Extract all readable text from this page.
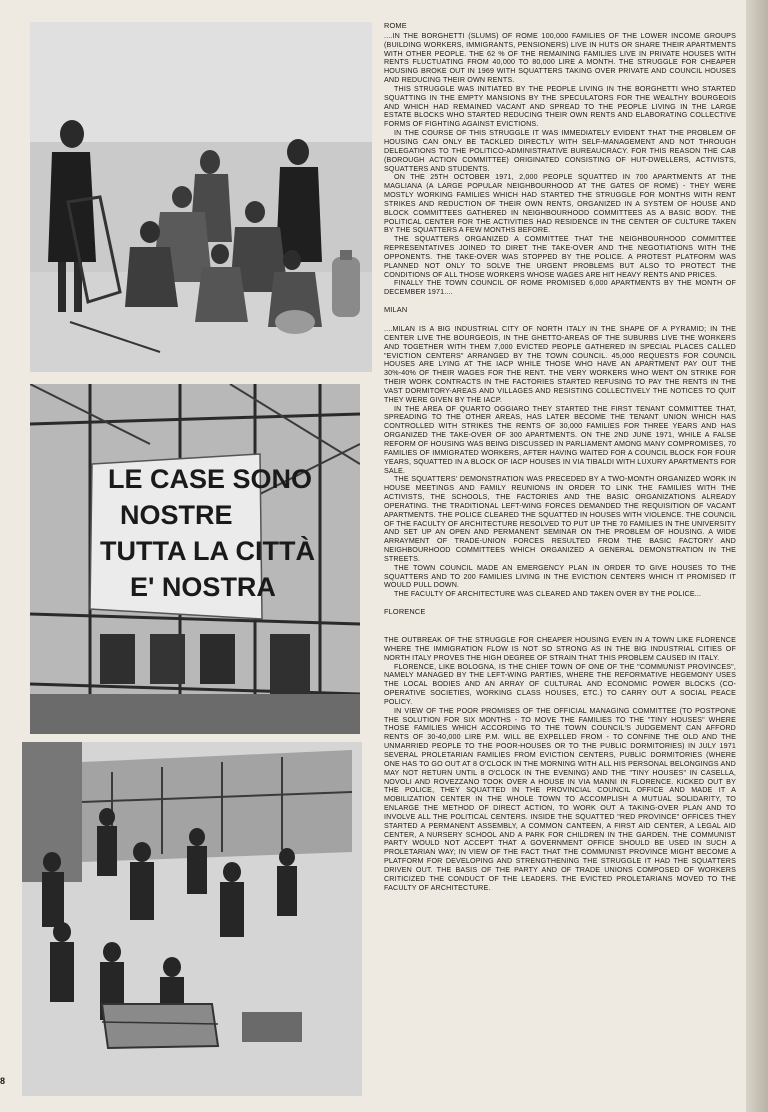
LE CASE SONO
NOSTRE
TUTTA LA CITTÀ
E' NOSTRA
ROME

....IN THE BORGHETTI (SLUMS) OF ROME 100,000 FAMILIES OF THE LOWER INCOME GROUPS (BUILDING WORKERS, IMMIGRANTS, PENSIONERS) LIVE IN HUTS OR SHARE THEIR APARTMENTS WITH OTHER PEOPLE. THE 62 % OF THE REMAINING FAMILIES LIVE IN PRIVATE HOUSES WITH RENTS FLUCTUATING FROM 40,000 TO 80,000 LIRE A MONTH. THE STRUGGLE FOR CHEAPER HOUSING BROKE OUT IN 1969 WITH SQUATTERS TAKING OVER PRIVATE AND COUNCIL HOUSES AND REDUCING THEIR OWN RENTS.

THIS STRUGGLE WAS INITIATED BY THE PEOPLE LIVING IN THE BORGHETTI WHO STARTED SQUATTING IN THE EMPTY MANSIONS BY THE SPECULATORS FOR THE WEALTHY BOURGEOIS AND WHICH HAD REMAINED VACANT AND SPREAD TO THE PEOPLE LIVING IN THE LARGE ESTATE BLOCKS WHO STARTED REDUCING THEIR OWN RENTS AND ELABORATING COLLECTIVE FORMS OF FIGHTING AGAINST EVICTIONS.

IN THE COURSE OF THIS STRUGGLE IT WAS IMMEDIATELY EVIDENT THAT THE PROBLEM OF HOUSING CAN ONLY BE TACKLED DIRECTLY WITH SELF-MANAGEMENT AND NOT THROUGH DELEGATIONS TO THE POLITICO-ADMINISTRATIVE BUREAUCRACY. FOR THIS REASON THE CAB (BOROUGH ACTION COMMITTEE) ORIGINATED CONSISTING OF HUT-DWELLERS, ACTIVISTS, SQUATTERS AND STUDENTS.

ON THE 25TH OCTOBER 1971, 2,000 PEOPLE SQUATTED IN 700 APARTMENTS AT THE MAGLIANA (A LARGE POPULAR NEIGHBOURHOOD AT THE GATES OF ROME) - THEY WERE MOSTLY WORKING FAMILIES WHICH HAD STARTED THE STRUGGLE FOR MONTHS WITH RENT STRIKES AND REDUCTION OF THEIR OWN RENTS, ORGANIZED IN A SYSTEM OF HOUSE AND BLOCK COMMITTEES GATHERED IN NEIGHBOURHOOD COMMITTEES AS A BASIC BODY. THE POLITICAL CENTER FOR THE ACTIVITIES HAD RESIDENCE IN THE CENTER OF CULTURE TAKEN BY THE SQUATTERS A FEW MONTHS BEFORE.

THE SQUATTERS ORGANIZED A COMMITTEE THAT THE NEIGHBOURHOOD COMMITTEE REPRESENTATIVES JOINED TO DIRET THE TAKE-OVER AND THE NEGOTIATIONS WITH THE OPPONENTS. THE TAKE-OVER WAS STOPPED BY THE POLICE. A PROTEST PLATFORM WAS PLANNED NOT ONLY TO SOLVE THE URGENT PROBLEMS BUT ALSO TO PROTECT THE CONDITIONS OF ALL THOSE WORKERS WHOSE WAGES ARE HIT HEAVY RENTS AND PRICES.

FINALLY THE TOWN COUNCIL OF ROME PROMISED 6,000 APARTMENTS BY THE MONTH OF DECEMBER 1971....

MILAN

....MILAN IS A BIG INDUSTRIAL CITY OF NORTH ITALY IN THE SHAPE OF A PYRAMID; IN THE CENTER LIVE THE BOURGEOIS, IN THE GHETTO-AREAS OF THE SUBURBS LIVE THE WORKERS AND TOGETHER WITH THEM 7,000 EVICTED PEOPLE GATHERED IN SPECIAL PLACES CALLED "EVICTION CENTERS" ARRANGED BY THE TOWN COUNCIL. 45,000 REQUESTS FOR COUNCIL HOUSES ARE LYING AT THE IACP WHILE THOSE WHO HAVE AN APARTMENT PAY OUT THE 30%-40% OF THEIR WAGES FOR THE RENT. THE VERY WORKERS WHO WENT ON STRIKE FOR THEIR WORK CONTRACTS IN THE FACTORIES STARTED REFUSING TO PAY THE RENTS IN THE VAST DORMITORY-AREAS AND VILLAGES AND RESISTING COLLECTIVELY THE NOTICES TO QUIT THEY WERE GIVEN BY THE IACP.

IN THE AREA OF QUARTO OGGIARO THEY STARTED THE FIRST TENANT COMMITTEE THAT, SPREADING TO THE OTHER AREAS, HAS LATER BECOME THE TENANT UNION WHICH HAS CONTROLLED WITH STRIKES THE RENTS OF 30,000 FAMILIES FOR THREE YEARS AND HAS ORGANIZED THE TAKE-OVER OF 300 APARTMENTS. ON THE 2ND JUNE 1971, WHILE A FALSE REFORM OF HOUSING WAS BEING DISCUSSED IN PARLIAMENT AMONG MANY COMPROMISES, 70 FAMILIES OF IMMIGRATED WORKERS, AFTER HAVING WAITED FOR A COUNCIL BLOCK FOR FOUR YEARS, SQUATTED IN A BLOCK OF IACP HOUSES IN VIA TIBALDI WITH LUXURY APARTMENTS FOR SALE.

THE SQUATTERS' DEMONSTRATION WAS PRECEDED BY A TWO-MONTH ORGANIZED WORK IN HOUSE MEETINGS AND FAMILY REUNIONS IN ORDER TO LINK THE FAMILIES WITH THE ACTIVISTS, THE SCHOOLS, THE FACTORIES AND THE BASIC ORGANIZATIONS ALREADY OPERATING. THE TRADITIONAL LEFT-WING FORCES DEMANDED THE REQUISITION OF VACANT APARTMENTS. THE POLICE CLEARED THE SQUATTED IN HOUSES WITH VIOLENCE. THE COUNCIL OF THE FACULTY OF ARCHITECTURE RESOLVED TO PUT UP THE 70 FAMILIES IN THE UNIVERSITY AND SET UP AN OPEN AND PERMANENT SEMINAR ON THE PROBLEM OF HOUSING. A WIDE ARRAYMENT OF TRADE-UNION FORCES RESULTED FROM THE BASIC FACTORY AND NEIGHBOURHOOD COMMITTEES WHICH ORGANIZED A GENERAL DEMONSTRATION IN THE STREETS.

THE TOWN COUNCIL MADE AN EMERGENCY PLAN IN ORDER TO GIVE HOUSES TO THE SQUATTERS AND TO 200 FAMILIES LIVING IN THE EVICTION CENTERS WHICH IT PROMISED IT WOULD PULL DOWN.

THE FACULTY OF ARCHITECTURE WAS CLEARED AND TAKEN OVER BY THE POLICE...

FLORENCE

THE OUTBREAK OF THE STRUGGLE FOR CHEAPER HOUSING EVEN IN A TOWN LIKE FLORENCE WHERE THE IMMIGRATION FLOW IS NOT SO STRONG AS IN THE BIG INDUSTRIAL CITIES OF NORTH ITALY PROVES THE HIGH DEGREE OF STRAIN THAT THIS PROBLEM CAUSED IN ITALY.

FLORENCE, LIKE BOLOGNA, IS THE CHIEF TOWN OF ONE OF THE "COMMUNIST PROVINCES", NAMELY MANAGED BY THE LEFT-WING PARTIES, WHERE THE REFORMATIVE HEGEMONY USES THE LOCAL BODIES AND AN ARRAY OF CULTURAL AND ECONOMIC POWER BLOCKS (CO-OPERATIVE SOCIETIES, WORKING CLASS HOUSES, ETC.) TO CARRY OUT A SOCIAL PEACE POLICY.

IN VIEW OF THE POOR PROMISES OF THE OFFICIAL MANAGING COMMITTEE (TO POSTPONE THE SOLUTION FOR SIX MONTHS - TO MOVE THE FAMILIES TO THE "TINY HOUSES" WHERE THOSE FAMILIES WHICH ACCORDING TO THE TOWN COUNCIL'S JUDGEMENT CAN AFFORD RENTS OF 30-40,000 LIRE P.M. WILL BE EXPELLED FROM - TO CONFINE THE OLD AND THE UNMARRIED PEOPLE TO THE POOR-HOUSES OR TO THE PUBLIC DORMITORIES) IN JULY 1971 SEVERAL PROLETARIAN FAMILIES FROM EVICTION CENTERS, PUBLIC DORMITORIES (WHERE ONE HAS TO GO OUT AT 8 O'CLOCK IN THE MORNING WITH ALL HIS PERSONAL BELONGINGS AND MAY NOT RETURN UNTIL 8 O'CLOCK IN THE EVENING) AND THE "TINY HOUSES" IN CASELLA, NOVOLI AND ROVEZZANO TOOK OVER A HOUSE IN VIA MANNI IN FLORENCE. KICKED OUT BY THE POLICE, THEY SQUATTED IN THE PROVINCIAL COUNCIL OFFICE AND MADE IT A MOBILIZATION CENTER IN THE WHOLE TOWN TO ACCOMPLISH A MUTUAL SOLIDARITY, TO ENLARGE THE METHOD OF DIRECT ACTION, TO WORK OUT A TAKING-OVER PLAN AND TO INVOLVE ALL THE POLITICAL CENTERS. INSIDE THE SQUATTED "RED PROVINCE" OFFICES THEY STARTED A PERMANENT ASSEMBLY, A COMMON CANTEEN, A FIRST AID CENTER, A LEGAL AID CENTER, A NURSERY SCHOOL AND A PARK FOR CHILDREN IN THE GARDEN. THE COMMUNIST PARTY WOULD NOT ACCEPT THAT A GOVERNMENT OFFICE SHOULD BE USED IN SUCH A PROLETARIAN WAY; IN VIEW OF THE FACT THAT THE COMMUNIST PROVINCE MIGHT BECOME A PLATFORM FOR DEVELOPING AND STRENGTHENING THE STRUGGLE IT HAD THE SQUATTERS DRIVEN OUT. THE BASIS OF THE PARTY AND OF TRADE UNIONS COMPOSED OF WORKERS CRITICIZED THE CONDUCT OF THE LEADERS. THE EVICTED PROLETARIANS MOVED TO THE FACULTY OF ARCHITECTURE.

8
